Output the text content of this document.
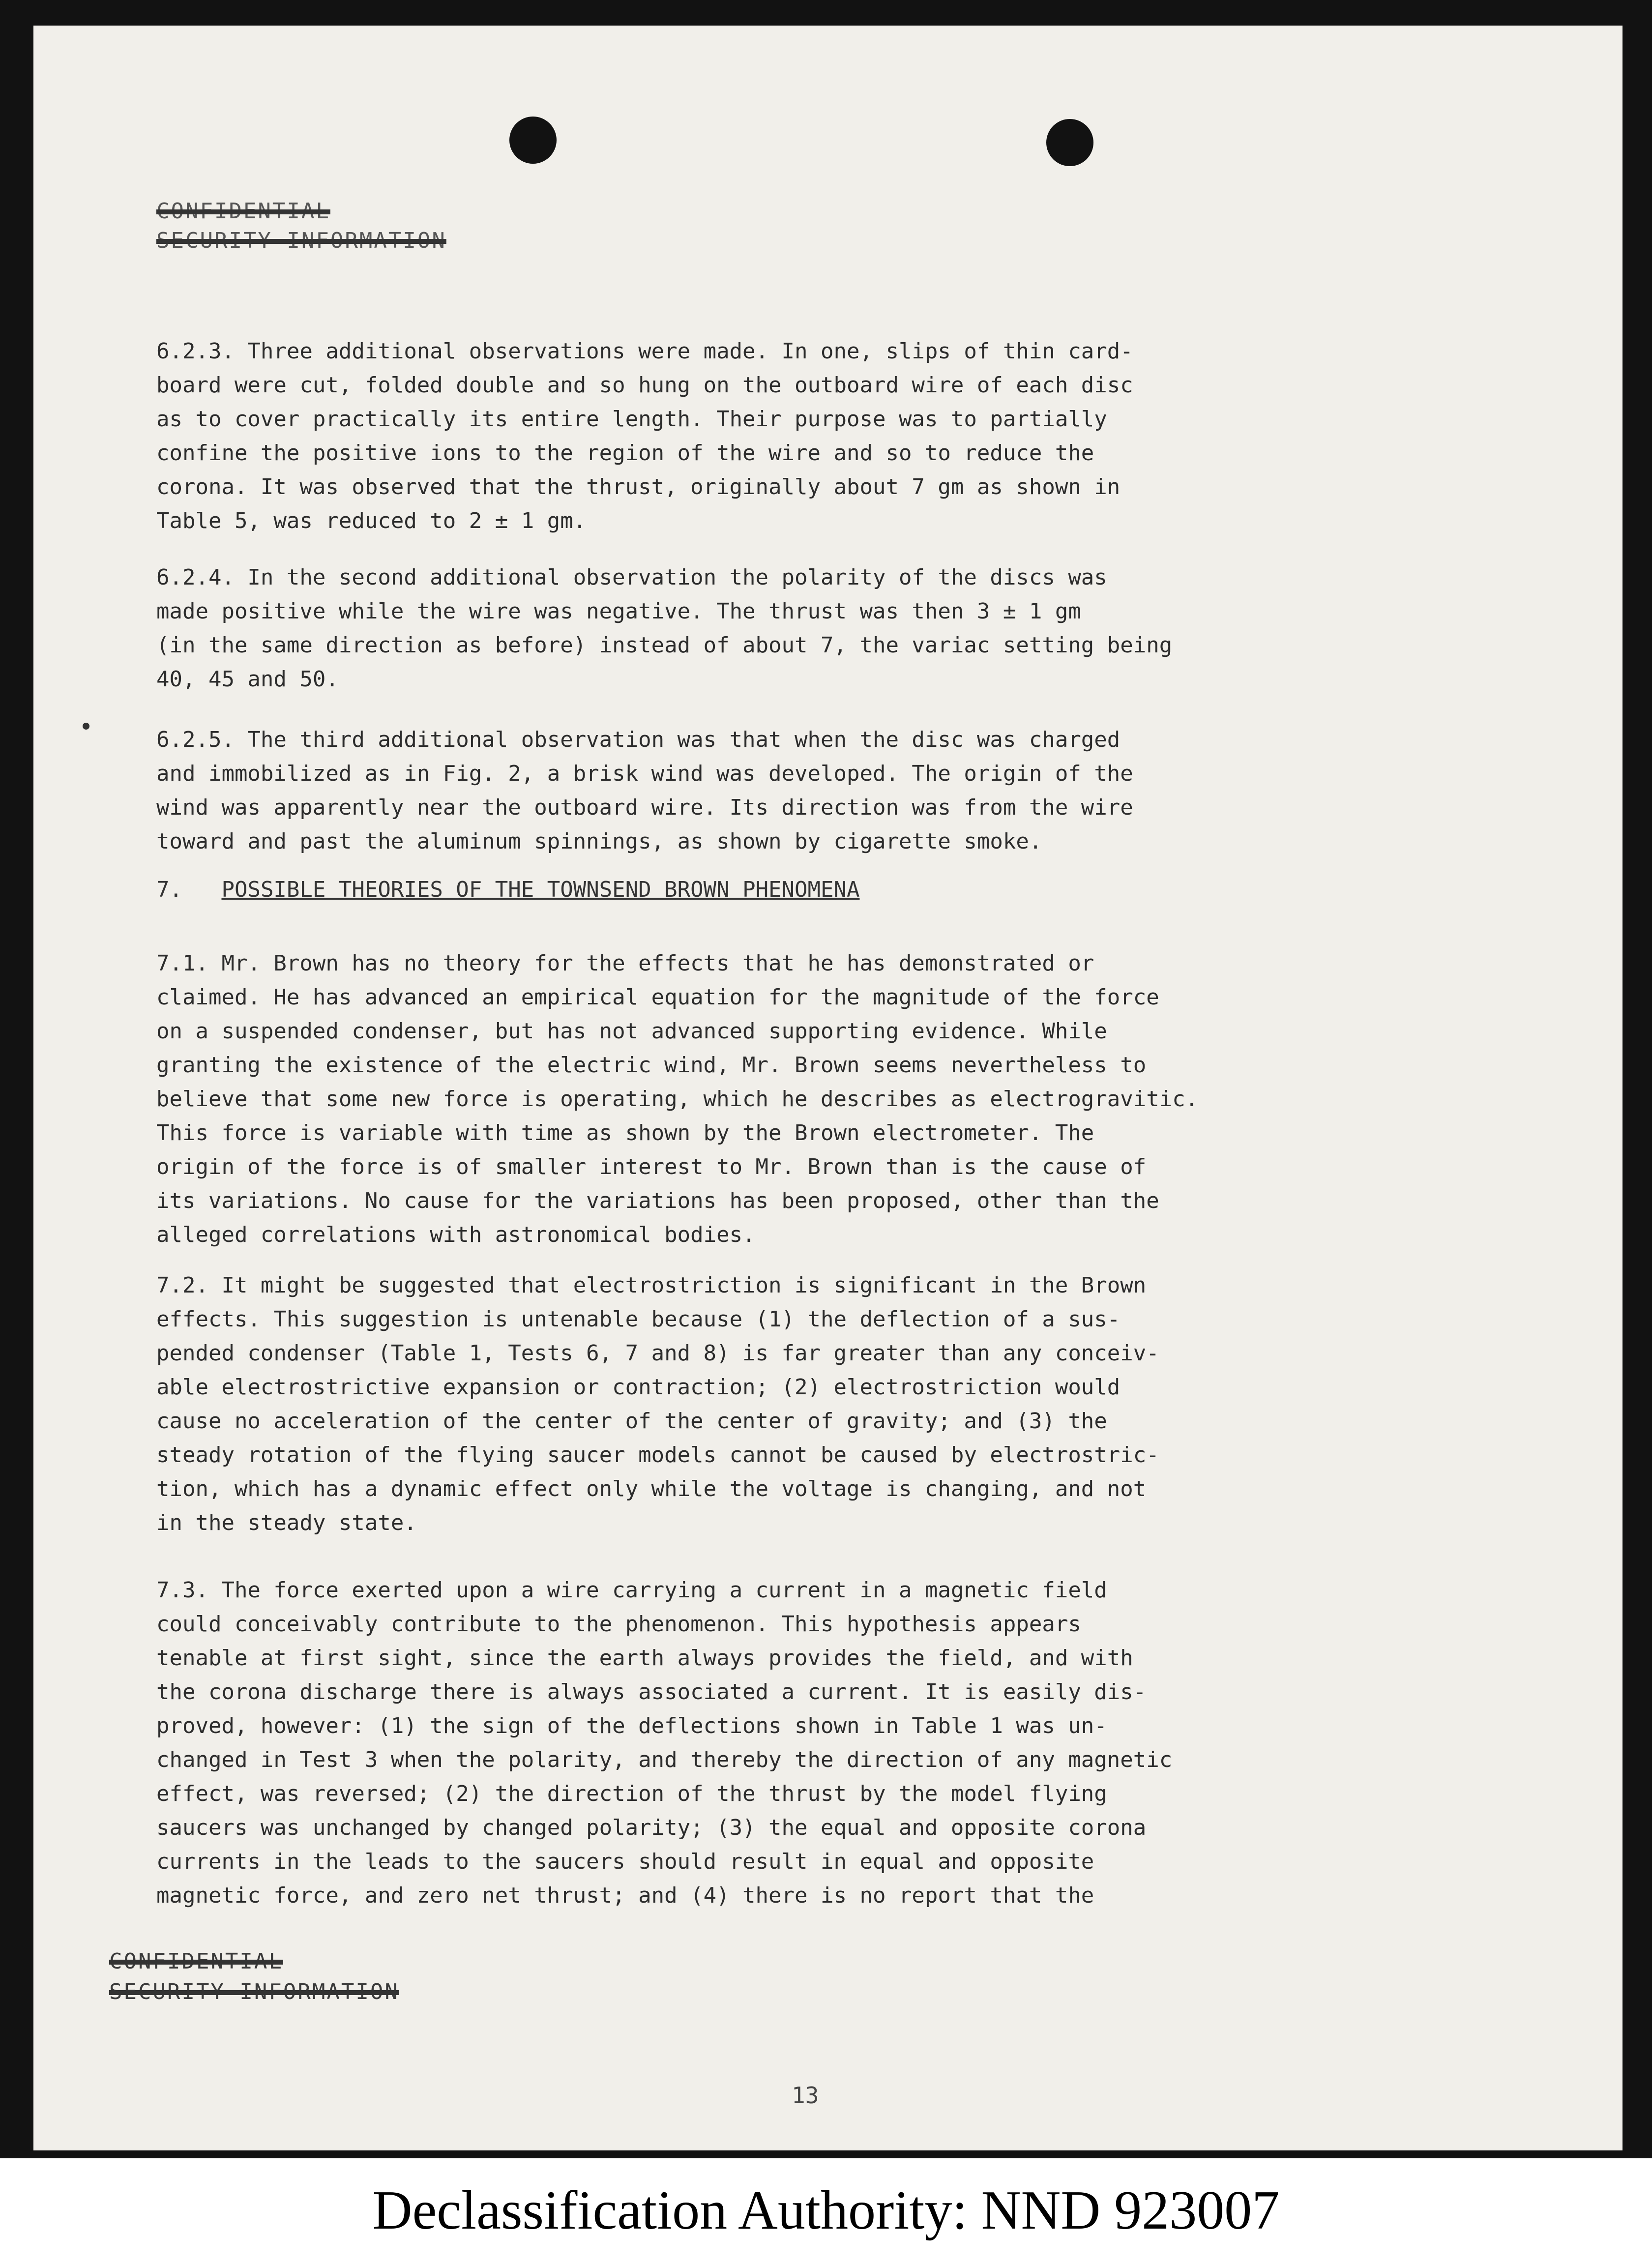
CONFIDENTIAL
SECURITY INFORMATION
6.2.3. Three additional observations were made. In one, slips of thin card-
board were cut, folded double and so hung on the outboard wire of each disc
as to cover practically its entire length. Their purpose was to partially
confine the positive ions to the region of the wire and so to reduce the
corona. It was observed that the thrust, originally about 7 gm as shown in
Table 5, was reduced to 2 ± 1 gm.
6.2.4. In the second additional observation the polarity of the discs was
made positive while the wire was negative. The thrust was then 3 ± 1 gm
(in the same direction as before) instead of about 7, the variac setting being
40, 45 and 50.
6.2.5. The third additional observation was that when the disc was charged
and immobilized as in Fig. 2, a brisk wind was developed. The origin of the
wind was apparently near the outboard wire. Its direction was from the wire
toward and past the aluminum spinnings, as shown by cigarette smoke.
7. POSSIBLE THEORIES OF THE TOWNSEND BROWN PHENOMENA
7.1. Mr. Brown has no theory for the effects that he has demonstrated or
claimed. He has advanced an empirical equation for the magnitude of the force
on a suspended condenser, but has not advanced supporting evidence. While
granting the existence of the electric wind, Mr. Brown seems nevertheless to
believe that some new force is operating, which he describes as electrogravitic.
This force is variable with time as shown by the Brown electrometer. The
origin of the force is of smaller interest to Mr. Brown than is the cause of
its variations. No cause for the variations has been proposed, other than the
alleged correlations with astronomical bodies.
7.2. It might be suggested that electrostriction is significant in the Brown
effects. This suggestion is untenable because (1) the deflection of a sus-
pended condenser (Table 1, Tests 6, 7 and 8) is far greater than any conceiv-
able electrostrictive expansion or contraction; (2) electrostriction would
cause no acceleration of the center of the center of gravity; and (3) the
steady rotation of the flying saucer models cannot be caused by electrostric-
tion, which has a dynamic effect only while the voltage is changing, and not
in the steady state.
7.3. The force exerted upon a wire carrying a current in a magnetic field
could conceivably contribute to the phenomenon. This hypothesis appears
tenable at first sight, since the earth always provides the field, and with
the corona discharge there is always associated a current. It is easily dis-
proved, however: (1) the sign of the deflections shown in Table 1 was un-
changed in Test 3 when the polarity, and thereby the direction of any magnetic
effect, was reversed; (2) the direction of the thrust by the model flying
saucers was unchanged by changed polarity; (3) the equal and opposite corona
currents in the leads to the saucers should result in equal and opposite
magnetic force, and zero net thrust; and (4) there is no report that the
CONFIDENTIAL
SECURITY INFORMATION
13
Declassification Authority: NND 923007
